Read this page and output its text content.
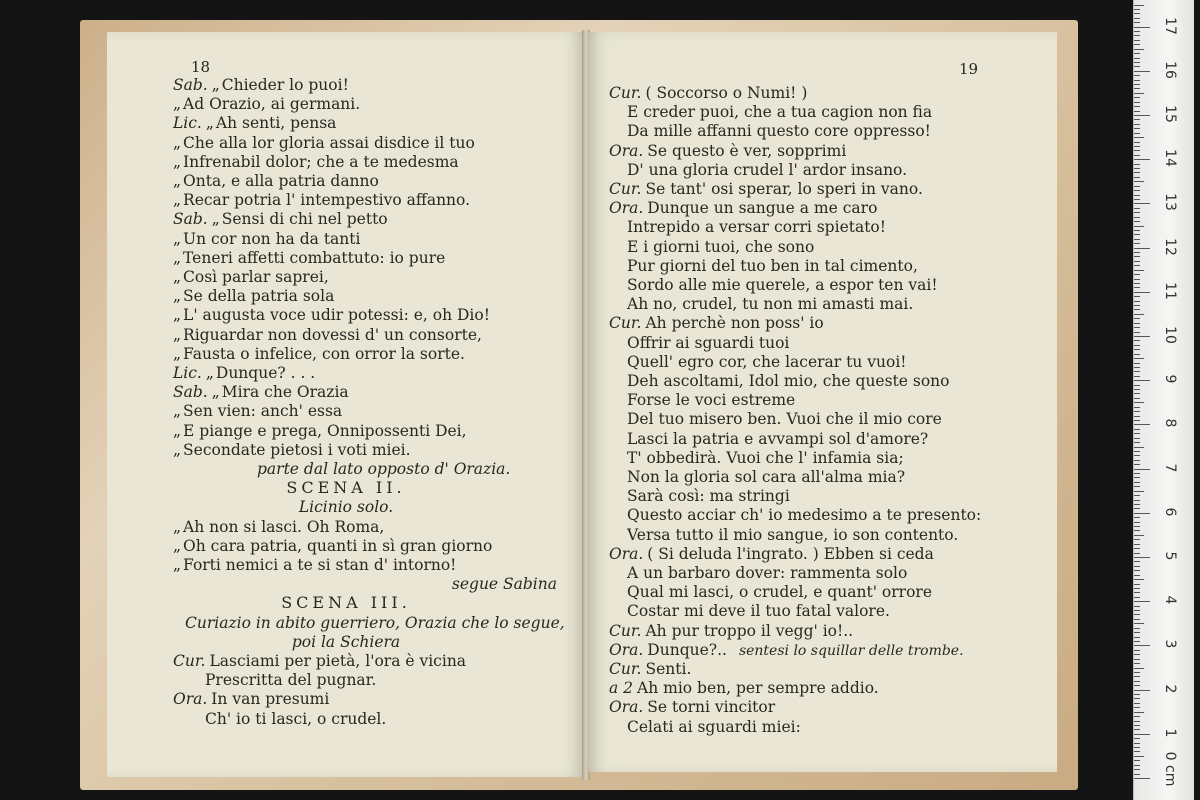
18
Sab. „ Chieder lo puoi!
„ Ad Orazio, ai germani.
Lic. „ Ah senti, pensa
„ Che alla lor gloria assai disdice il tuo
„ Infrenabil dolor; che a te medesma
„ Onta, e alla patria danno
„ Recar potria l' intempestivo affanno.
Sab. „ Sensi di chi nel petto
„ Un cor non ha da tanti
„ Teneri affetti combattuto: io pure
„ Così parlar saprei,
„ Se della patria sola
„ L' augusta voce udir potessi: e, oh Dio!
„ Riguardar non dovessi d' un consorte,
„ Fausta o infelice, con orror la sorte.
Lic. „ Dunque? . . .
Sab. „ Mira che Orazia
„ Sen vien: anch' essa
„ E piange e prega, Onnipossenti Dei,
„ Secondate pietosi i voti miei.
parte dal lato opposto d' Orazia.
SCENA II.
Licinio solo.
„ Ah non si lasci. Oh Roma,
„ Oh cara patria, quanti in sì gran giorno
„ Forti nemici a te si stan d' intorno!
segue Sabina
SCENA III.
Curiazio in abito guerriero, Orazia che lo segue,
poi la Schiera
Cur. Lasciami per pietà, l'ora è vicina
Prescritta del pugnar.
Ora. In van presumi
Ch' io ti lasci, o crudel.
19
Cur. ( Soccorso o Numi! )
E creder puoi, che a tua cagion non fia
Da mille affanni questo core oppresso!
Ora. Se questo è ver, sopprimi
D' una gloria crudel l' ardor insano.
Cur. Se tant' osi sperar, lo speri in vano.
Ora. Dunque un sangue a me caro
Intrepido a versar corri spietato!
E i giorni tuoi, che sono
Pur giorni del tuo ben in tal cimento,
Sordo alle mie querele, a espor ten vai!
Ah no, crudel, tu non mi amasti mai.
Cur. Ah perchè non poss' io
Offrir ai sguardi tuoi
Quell' egro cor, che lacerar tu vuoi!
Deh ascoltami, Idol mio, che queste sono
Forse le voci estreme
Del tuo misero ben. Vuoi che il mio core
Lasci la patria e avvampi sol d'amore?
T' obbedirà. Vuoi che l' infamia sia;
Non la gloria sol cara all'alma mia?
Sarà così: ma stringi
Questo acciar ch' io medesimo a te presento:
Versa tutto il mio sangue, io son contento.
Ora. ( Si deluda l'ingrato. ) Ebben si ceda
A un barbaro dover: rammenta solo
Qual mi lasci, o crudel, e quant' orrore
Costar mi deve il tuo fatal valore.
Cur. Ah pur troppo il vegg' io!..
Ora. Dunque?.. sentesi lo squillar delle trombe.
Cur. Senti.
a 2 Ah mio ben, per sempre addio.
Ora. Se torni vincitor
Celati ai sguardi miei:
0 cm
1
2
3
4
5
6
7
8
9
10
11
12
13
14
15
16
17
